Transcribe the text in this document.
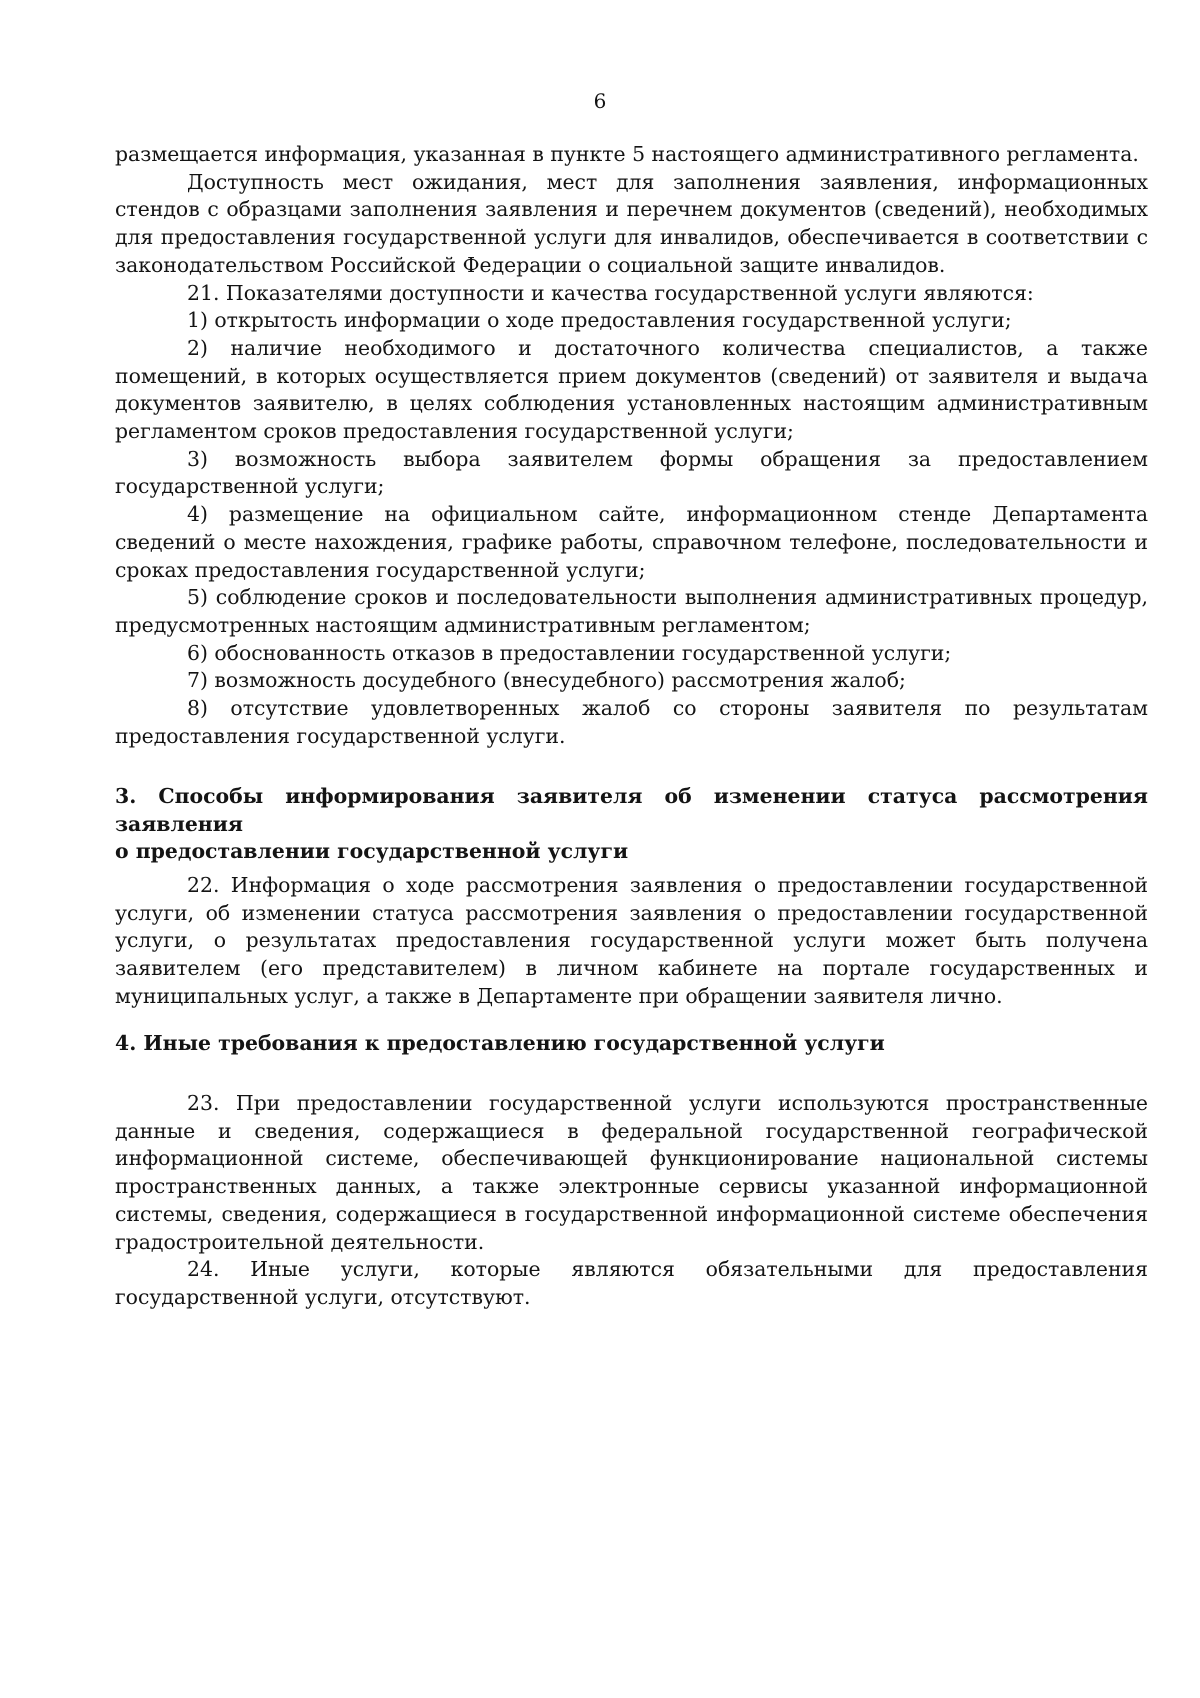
6

размещается информация, указанная в пункте 5 настоящего административного регламента.

Доступность мест ожидания, мест для заполнения заявления, информационных стендов с образцами заполнения заявления и перечнем документов (сведений), необходимых для предоставления государственной услуги для инвалидов, обеспечивается в соответствии с законодательством Российской Федерации о социальной защите инвалидов.

21. Показателями доступности и качества государственной услуги являются:

1) открытость информации о ходе предоставления государственной услуги;

2) наличие необходимого и достаточного количества специалистов, а также помещений, в которых осуществляется прием документов (сведений) от заявителя и выдача документов заявителю, в целях соблюдения установленных настоящим административным регламентом сроков предоставления государственной услуги;

3) возможность выбора заявителем формы обращения за предоставлением государственной услуги;

4) размещение на официальном сайте, информационном стенде Департамента сведений о месте нахождения, графике работы, справочном телефоне, последовательности и сроках предоставления государственной услуги;

5) соблюдение сроков и последовательности выполнения административных процедур, предусмотренных настоящим административным регламентом;

6) обоснованность отказов в предоставлении государственной услуги;

7) возможность досудебного (внесудебного) рассмотрения жалоб;

8) отсутствие удовлетворенных жалоб со стороны заявителя по результатам предоставления государственной услуги.

3. Способы информирования заявителя об изменении статуса рассмотрения заявления

о предоставлении государственной услуги

22. Информация о ходе рассмотрения заявления о предоставлении государственной услуги, об изменении статуса рассмотрения заявления о предоставлении государственной услуги, о результатах предоставления государственной услуги может быть получена заявителем (его представителем) в личном кабинете на портале государственных и муниципальных услуг, а также в Департаменте при обращении заявителя лично.

4. Иные требования к предоставлению государственной услуги

23. При предоставлении государственной услуги используются пространственные данные и сведения, содержащиеся в федеральной государственной географической информационной системе, обеспечивающей функционирование национальной системы пространственных данных, а также электронные сервисы указанной информационной системы, сведения, содержащиеся в государственной информационной системе обеспечения градостроительной деятельности.

24. Иные услуги, которые являются обязательными для предоставления государственной услуги, отсутствуют.
